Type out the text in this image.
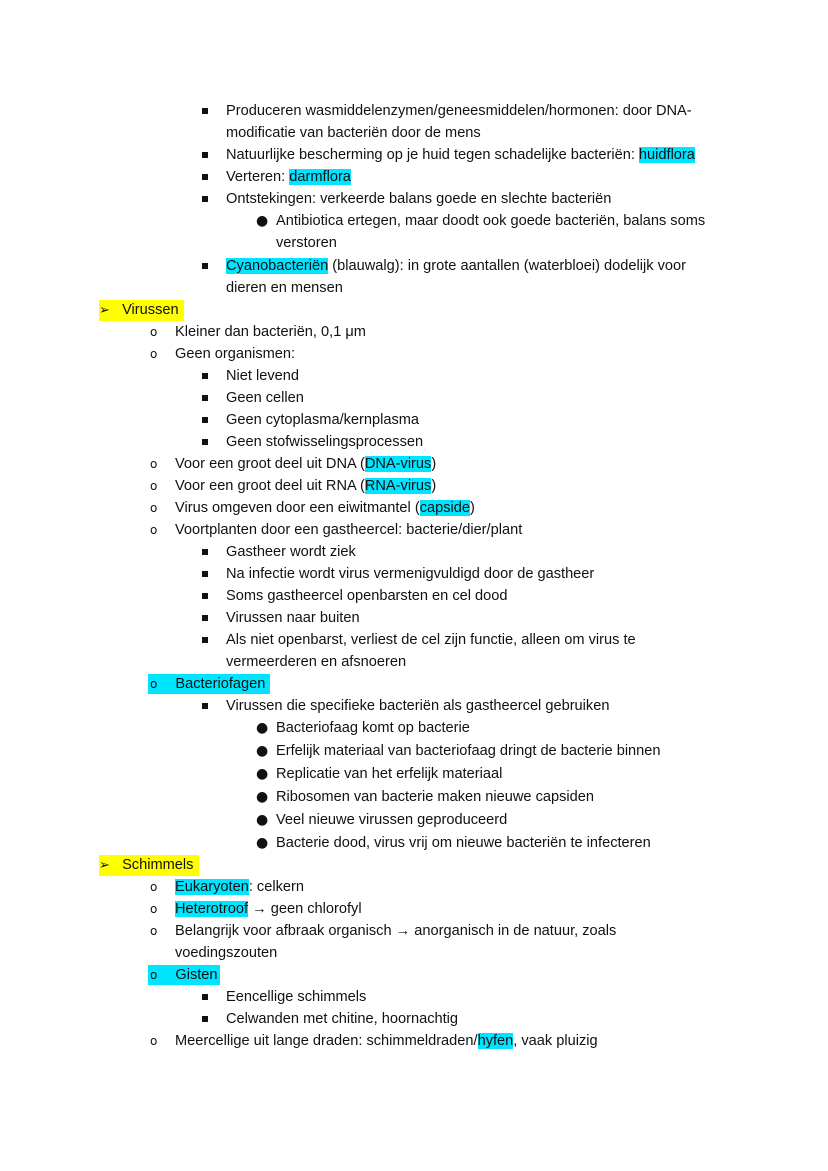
Produceren wasmiddelenzymen/geneesmiddelen/hormonen: door DNA-
modificatie van bacteriën door de mens
Natuurlijke bescherming op je huid tegen schadelijke bacteriën: huidflora
Verteren: darmflora
Ontstekingen: verkeerde balans goede en slechte bacteriën
● Antibiotica ertegen, maar doodt ook goede bacteriën, balans soms
verstoren
Cyanobacteriën (blauwalg): in grote aantallen (waterbloei) dodelijk voor
dieren en mensen
➢ Virussen
o Kleiner dan bacteriën, 0,1 μm
o Geen organismen:
Niet levend
Geen cellen
Geen cytoplasma/kernplasma
Geen stofwisselingsprocessen
o Voor een groot deel uit DNA (DNA-virus)
o Voor een groot deel uit RNA (RNA-virus)
o Virus omgeven door een eiwitmantel (capside)
o Voortplanten door een gastheercel: bacterie/dier/plant
Gastheer wordt ziek
Na infectie wordt virus vermenigvuldigd door de gastheer
Soms gastheercel openbarsten en cel dood
Virussen naar buiten
Als niet openbarst, verliest de cel zijn functie, alleen om virus te
vermeerderen en afsnoeren
o Bacteriofagen
Virussen die specifieke bacteriën als gastheercel gebruiken
● Bacteriofaag komt op bacterie
● Erfelijk materiaal van bacteriofaag dringt de bacterie binnen
● Replicatie van het erfelijk materiaal
● Ribosomen van bacterie maken nieuwe capsiden
● Veel nieuwe virussen geproduceerd
● Bacterie dood, virus vrij om nieuwe bacteriën te infecteren
➢ Schimmels
o Eukaryoten: celkern
o Heterotroof → geen chlorofyl
o Belangrijk voor afbraak organisch → anorganisch in de natuur, zoals
voedingszouten
o Gisten
Eencellige schimmels
Celwanden met chitine, hoornachtig
o Meercellige uit lange draden: schimmeldraden/hyfen, vaak pluizig
